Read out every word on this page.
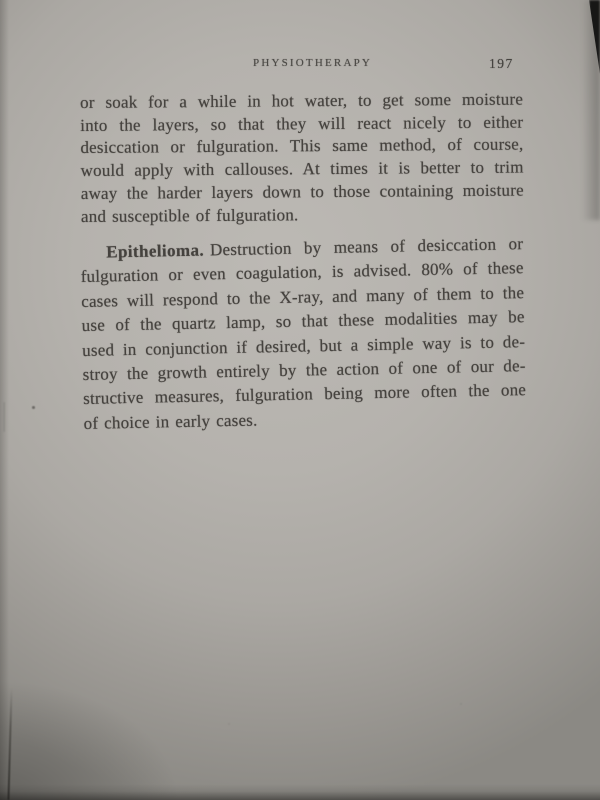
PHYSIOTHERAPY	197
or soak for a while in hot water, to get some moisture
into the layers, so that they will react nicely to either
desiccation or fulguration. This same method, of course,
would apply with callouses. At times it is better to trim
away the harder layers down to those containing moisture
and susceptible of fulguration.
Epithelioma. Destruction by means of desiccation or
fulguration or even coagulation, is advised. 80% of these
cases will respond to the X-ray, and many of them to the
use of the quartz lamp, so that these modalities may be
used in conjunction if desired, but a simple way is to de-
stroy the growth entirely by the action of one of our de-
structive measures, fulguration being more often the one
of choice in early cases.
